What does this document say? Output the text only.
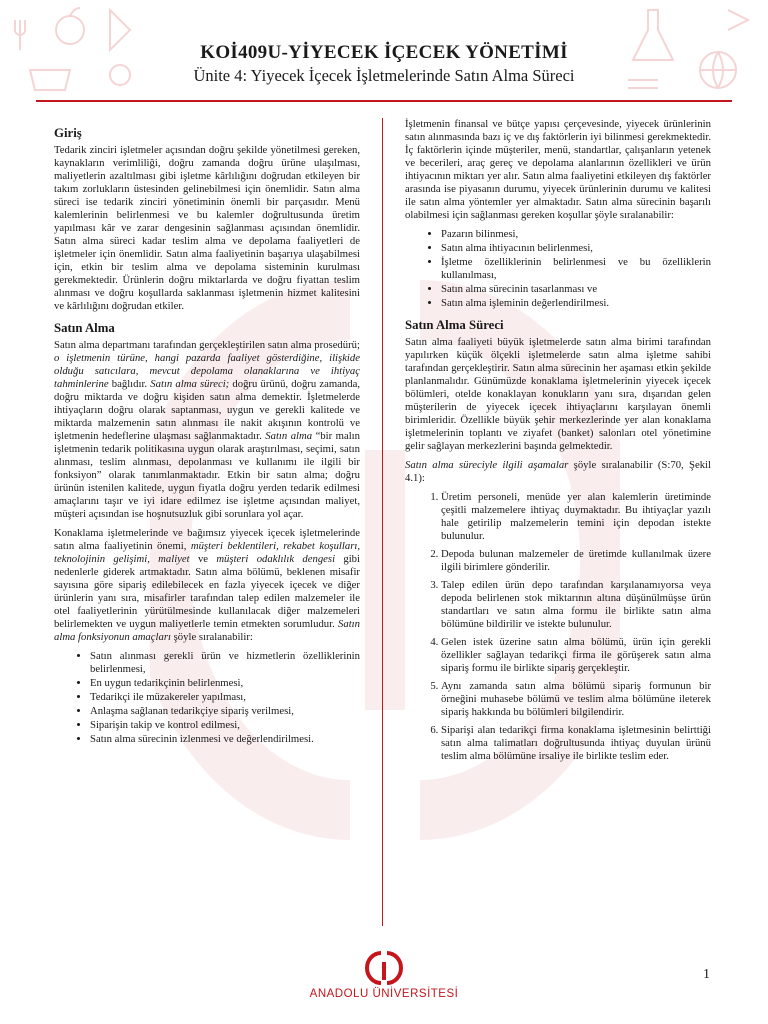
KOİ409U-YİYECEK İÇECEK YÖNETİMİ
Ünite 4: Yiyecek İçecek İşletmelerinde Satın Alma Süreci
Giriş

Tedarik zinciri işletmeler açısından doğru şekilde yönetilmesi gereken, kaynakların verimliliği, doğru zamanda doğru ürüne ulaşılması, maliyetlerin azaltılması gibi işletme kârlılığını doğrudan etkileyen bir takım zorlukların üstesinden gelinebilmesi için önemlidir. Satın alma süreci ise tedarik zinciri yönetiminin önemli bir parçasıdır. Menü kalemlerinin belirlenmesi ve bu kalemler doğrultusunda üretim yapılması kâr ve zarar dengesinin sağlanması açısından önemlidir. Satın alma süreci kadar teslim alma ve depolama faaliyetleri de işletmeler için önemlidir. Satın alma faaliyetinin başarıya ulaşabilmesi için, etkin bir teslim alma ve depolama sisteminin kurulması gerekmektedir. Ürünlerin doğru miktarlarda ve doğru fiyattan teslim alınması ve doğru koşullarda saklanması işletmenin hizmet kalitesini ve kârlılığını doğrudan etkiler.

Satın Alma

Satın alma departmanı tarafından gerçekleştirilen satın alma prosedürü; o işletmenin türüne, hangi pazarda faaliyet gösterdiğine, ilişkide olduğu satıcılara, mevcut depolama olanaklarına ve ihtiyaç tahminlerine bağlıdır. Satın alma süreci; doğru ürünü, doğru zamanda, doğru miktarda ve doğru kişiden satın alma demektir. İşletmelerde ihtiyaçların doğru olarak saptanması, uygun ve gerekli kalitede ve miktarda malzemenin satın alınması ile nakit akışının kontrolü ve işletmenin hedeflerine ulaşması sağlanmaktadır. Satın alma “bir malın işletmenin tedarik politikasına uygun olarak araştırılması, seçimi, satın alınması, teslim alınması, depolanması ve kullanımı ile ilgili bir fonksiyon” olarak tanımlanmaktadır. Etkin bir satın alma; doğru ürünün istenilen kalitede, uygun fiyatla doğru yerden tedarik edilmesi amaçlarını taşır ve iyi idare edilmez ise işletme açısından maliyet, müşteri açısından ise hoşnutsuzluk gibi sorunlara yol açar.

Konaklama işletmelerinde ve bağımsız yiyecek içecek işletmelerinde satın alma faaliyetinin önemi, müşteri beklentileri, rekabet koşulları, teknolojinin gelişimi, maliyet ve müşteri odaklılık dengesi gibi nedenlerle giderek artmaktadır. Satın alma bölümü, beklenen misafir sayısına göre sipariş edilebilecek en fazla yiyecek içecek ve diğer ürünlerin yanı sıra, misafirler tarafından talep edilen malzemeler ile otel faaliyetlerinin yürütülmesinde kullanılacak diğer malzemeleri belirlemekten ve uygun maliyetlerle temin etmekten sorumludur. Satın alma fonksiyonun amaçları şöyle sıralanabilir:

• Satın alınması gerekli ürün ve hizmetlerin özelliklerinin belirlenmesi,
• En uygun tedarikçinin belirlenmesi,
• Tedarikçi ile müzakereler yapılması,
• Anlaşma sağlanan tedarikçiye sipariş verilmesi,
• Siparişin takip ve kontrol edilmesi,
• Satın alma sürecinin izlenmesi ve değerlendirilmesi.

İşletmenin finansal ve bütçe yapısı çerçevesinde, yiyecek ürünlerinin satın alınmasında bazı iç ve dış faktörlerin iyi bilinmesi gerekmektedir. İç faktörlerin içinde müşteriler, menü, standartlar, çalışanların yetenek ve becerileri, araç gereç ve depolama alanlarının özellikleri ve ürün ihtiyacının miktarı yer alır. Satın alma faaliyetini etkileyen dış faktörler arasında ise piyasanın durumu, yiyecek ürünlerinin durumu ve kalitesi ile satın alma yöntemler yer almaktadır. Satın alma sürecinin başarılı olabilmesi için sağlanması gereken koşullar şöyle sıralanabilir:

• Pazarın bilinmesi,
• Satın alma ihtiyacının belirlenmesi,
• İşletme özelliklerinin belirlenmesi ve bu özelliklerin kullanılması,
• Satın alma sürecinin tasarlanması ve
• Satın alma işleminin değerlendirilmesi.
Satın Alma Süreci

Satın alma faaliyeti büyük işletmelerde satın alma birimi tarafından yapılırken küçük ölçekli işletmelerde satın alma işletme sahibi tarafından gerçekleştirir. Satın alma sürecinin her aşaması etkin şekilde planlanmalıdır. Günümüzde konaklama işletmelerinin yiyecek içecek bölümleri, otelde konaklayan konukların yanı sıra, dışarıdan gelen müşterilerin de yiyecek içecek ihtiyaçlarını karşılayan önemli birimleridir. Özellikle büyük şehir merkezlerinde yer alan konaklama işletmelerinin toplantı ve ziyafet (banket) salonları otel yönetimine gelir sağlayan merkezlerini başında gelmektedir.

Satın alma süreciyle ilgili aşamalar şöyle sıralanabilir (S:70, Şekil 4.1):

1. Üretim personeli, menüde yer alan kalemlerin üretiminde çeşitli malzemelere ihtiyaç duymaktadır. Bu ihtiyaçlar yazılı hale getirilip malzemelerin temini için depodan istekte bulunulur.
2. Depoda bulunan malzemeler de üretimde kullanılmak üzere ilgili birimlere gönderilir.
3. Talep edilen ürün depo tarafından karşılanamıyorsa veya depoda belirlenen stok miktarının altına düşünülmüşse ürün standartları ve satın alma formu ile birlikte satın alma bölümüne bildirilir ve istekte bulunulur.
4. Gelen istek üzerine satın alma bölümü, ürün için gerekli özellikler sağlayan tedarikçi firma ile görüşerek satın alma sipariş formu ile birlikte sipariş gerçekleştir.
5. Aynı zamanda satın alma bölümü sipariş formunun bir örneğini muhasebe bölümü ve teslim alma bölümüne ileterek sipariş hakkında bu bölümleri bilgilendirir.
6. Siparişi alan tedarikçi firma konaklama işletmesinin belirttiği satın alma talimatları doğrultusunda ihtiyaç duyulan ürünü teslim alma bölümüne irsaliye ile birlikte teslim eder.
ANADOLU ÜNİVERSİTESİ
1
